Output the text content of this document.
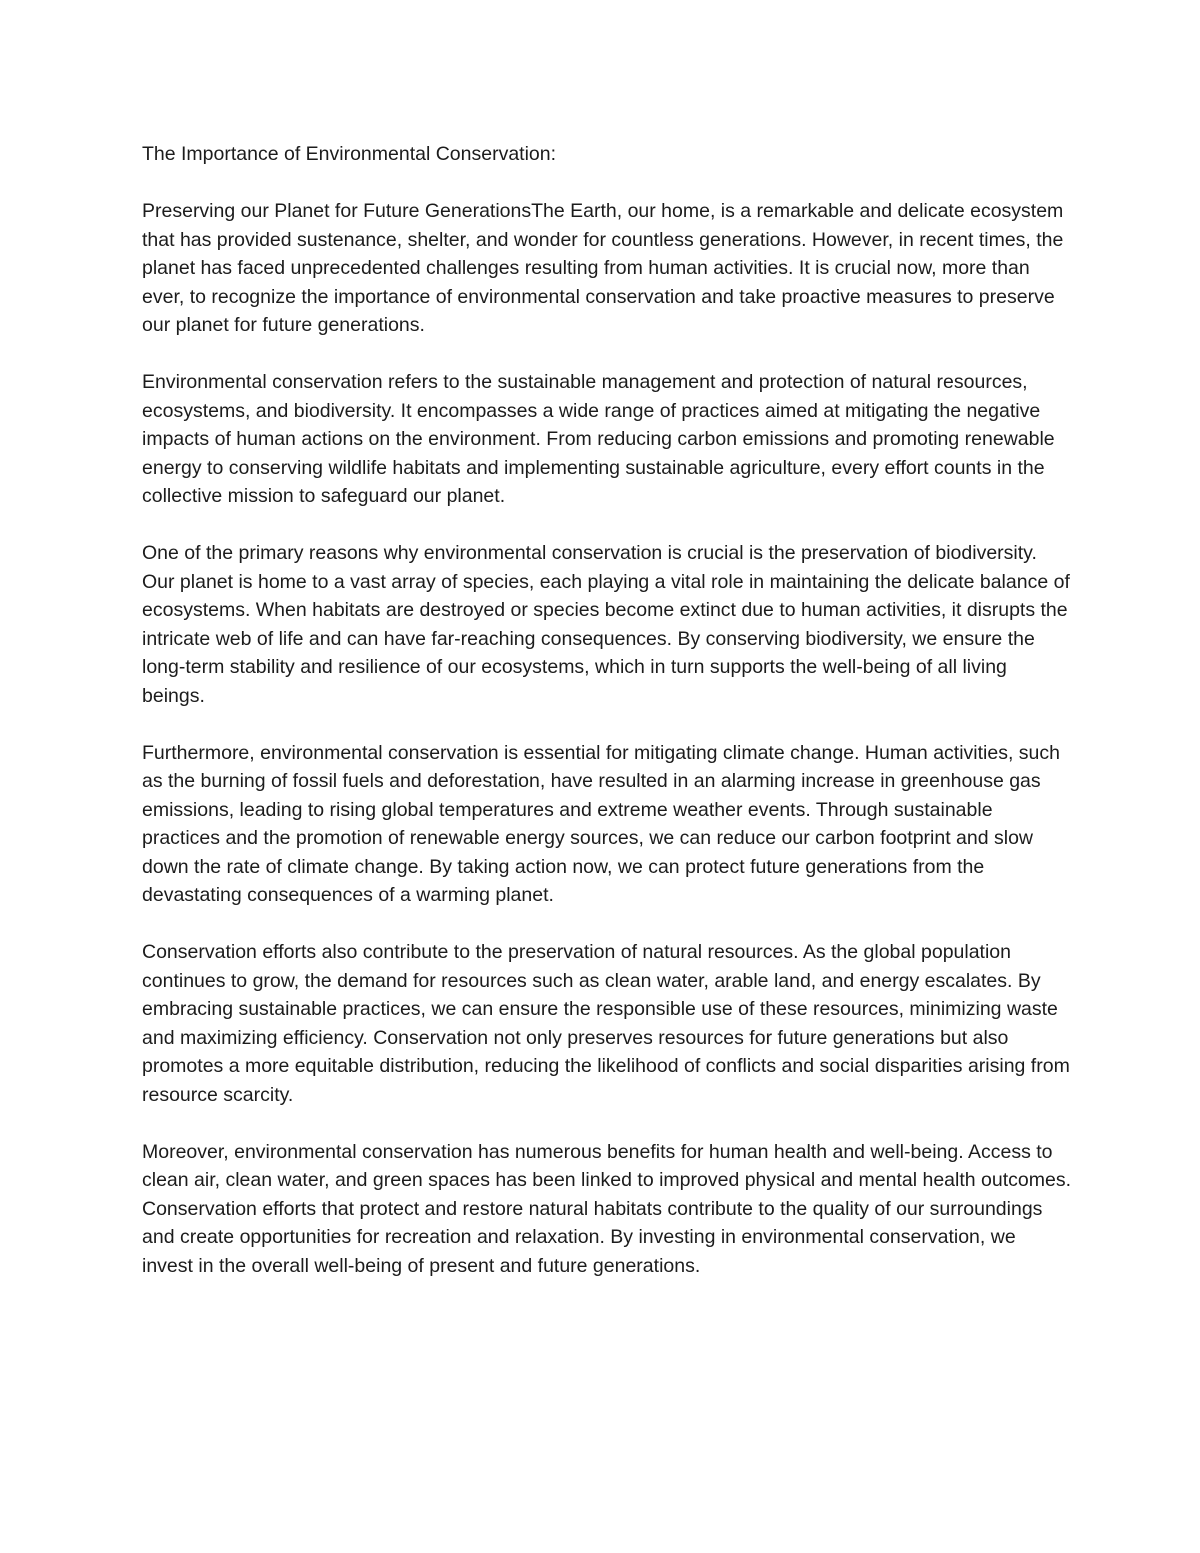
The Importance of Environmental Conservation:

Preserving our Planet for Future GenerationsThe Earth, our home, is a remarkable and delicate ecosystem that has provided sustenance, shelter, and wonder for countless generations. However, in recent times, the planet has faced unprecedented challenges resulting from human activities. It is crucial now, more than ever, to recognize the importance of environmental conservation and take proactive measures to preserve our planet for future generations.

Environmental conservation refers to the sustainable management and protection of natural resources, ecosystems, and biodiversity. It encompasses a wide range of practices aimed at mitigating the negative impacts of human actions on the environment. From reducing carbon emissions and promoting renewable energy to conserving wildlife habitats and implementing sustainable agriculture, every effort counts in the collective mission to safeguard our planet.

One of the primary reasons why environmental conservation is crucial is the preservation of biodiversity. Our planet is home to a vast array of species, each playing a vital role in maintaining the delicate balance of ecosystems. When habitats are destroyed or species become extinct due to human activities, it disrupts the intricate web of life and can have far-reaching consequences. By conserving biodiversity, we ensure the long-term stability and resilience of our ecosystems, which in turn supports the well-being of all living beings.

Furthermore, environmental conservation is essential for mitigating climate change. Human activities, such as the burning of fossil fuels and deforestation, have resulted in an alarming increase in greenhouse gas emissions, leading to rising global temperatures and extreme weather events. Through sustainable practices and the promotion of renewable energy sources, we can reduce our carbon footprint and slow down the rate of climate change. By taking action now, we can protect future generations from the devastating consequences of a warming planet.

Conservation efforts also contribute to the preservation of natural resources. As the global population continues to grow, the demand for resources such as clean water, arable land, and energy escalates. By embracing sustainable practices, we can ensure the responsible use of these resources, minimizing waste and maximizing efficiency. Conservation not only preserves resources for future generations but also promotes a more equitable distribution, reducing the likelihood of conflicts and social disparities arising from resource scarcity.

Moreover, environmental conservation has numerous benefits for human health and well-being. Access to clean air, clean water, and green spaces has been linked to improved physical and mental health outcomes. Conservation efforts that protect and restore natural habitats contribute to the quality of our surroundings and create opportunities for recreation and relaxation. By investing in environmental conservation, we invest in the overall well-being of present and future generations.
